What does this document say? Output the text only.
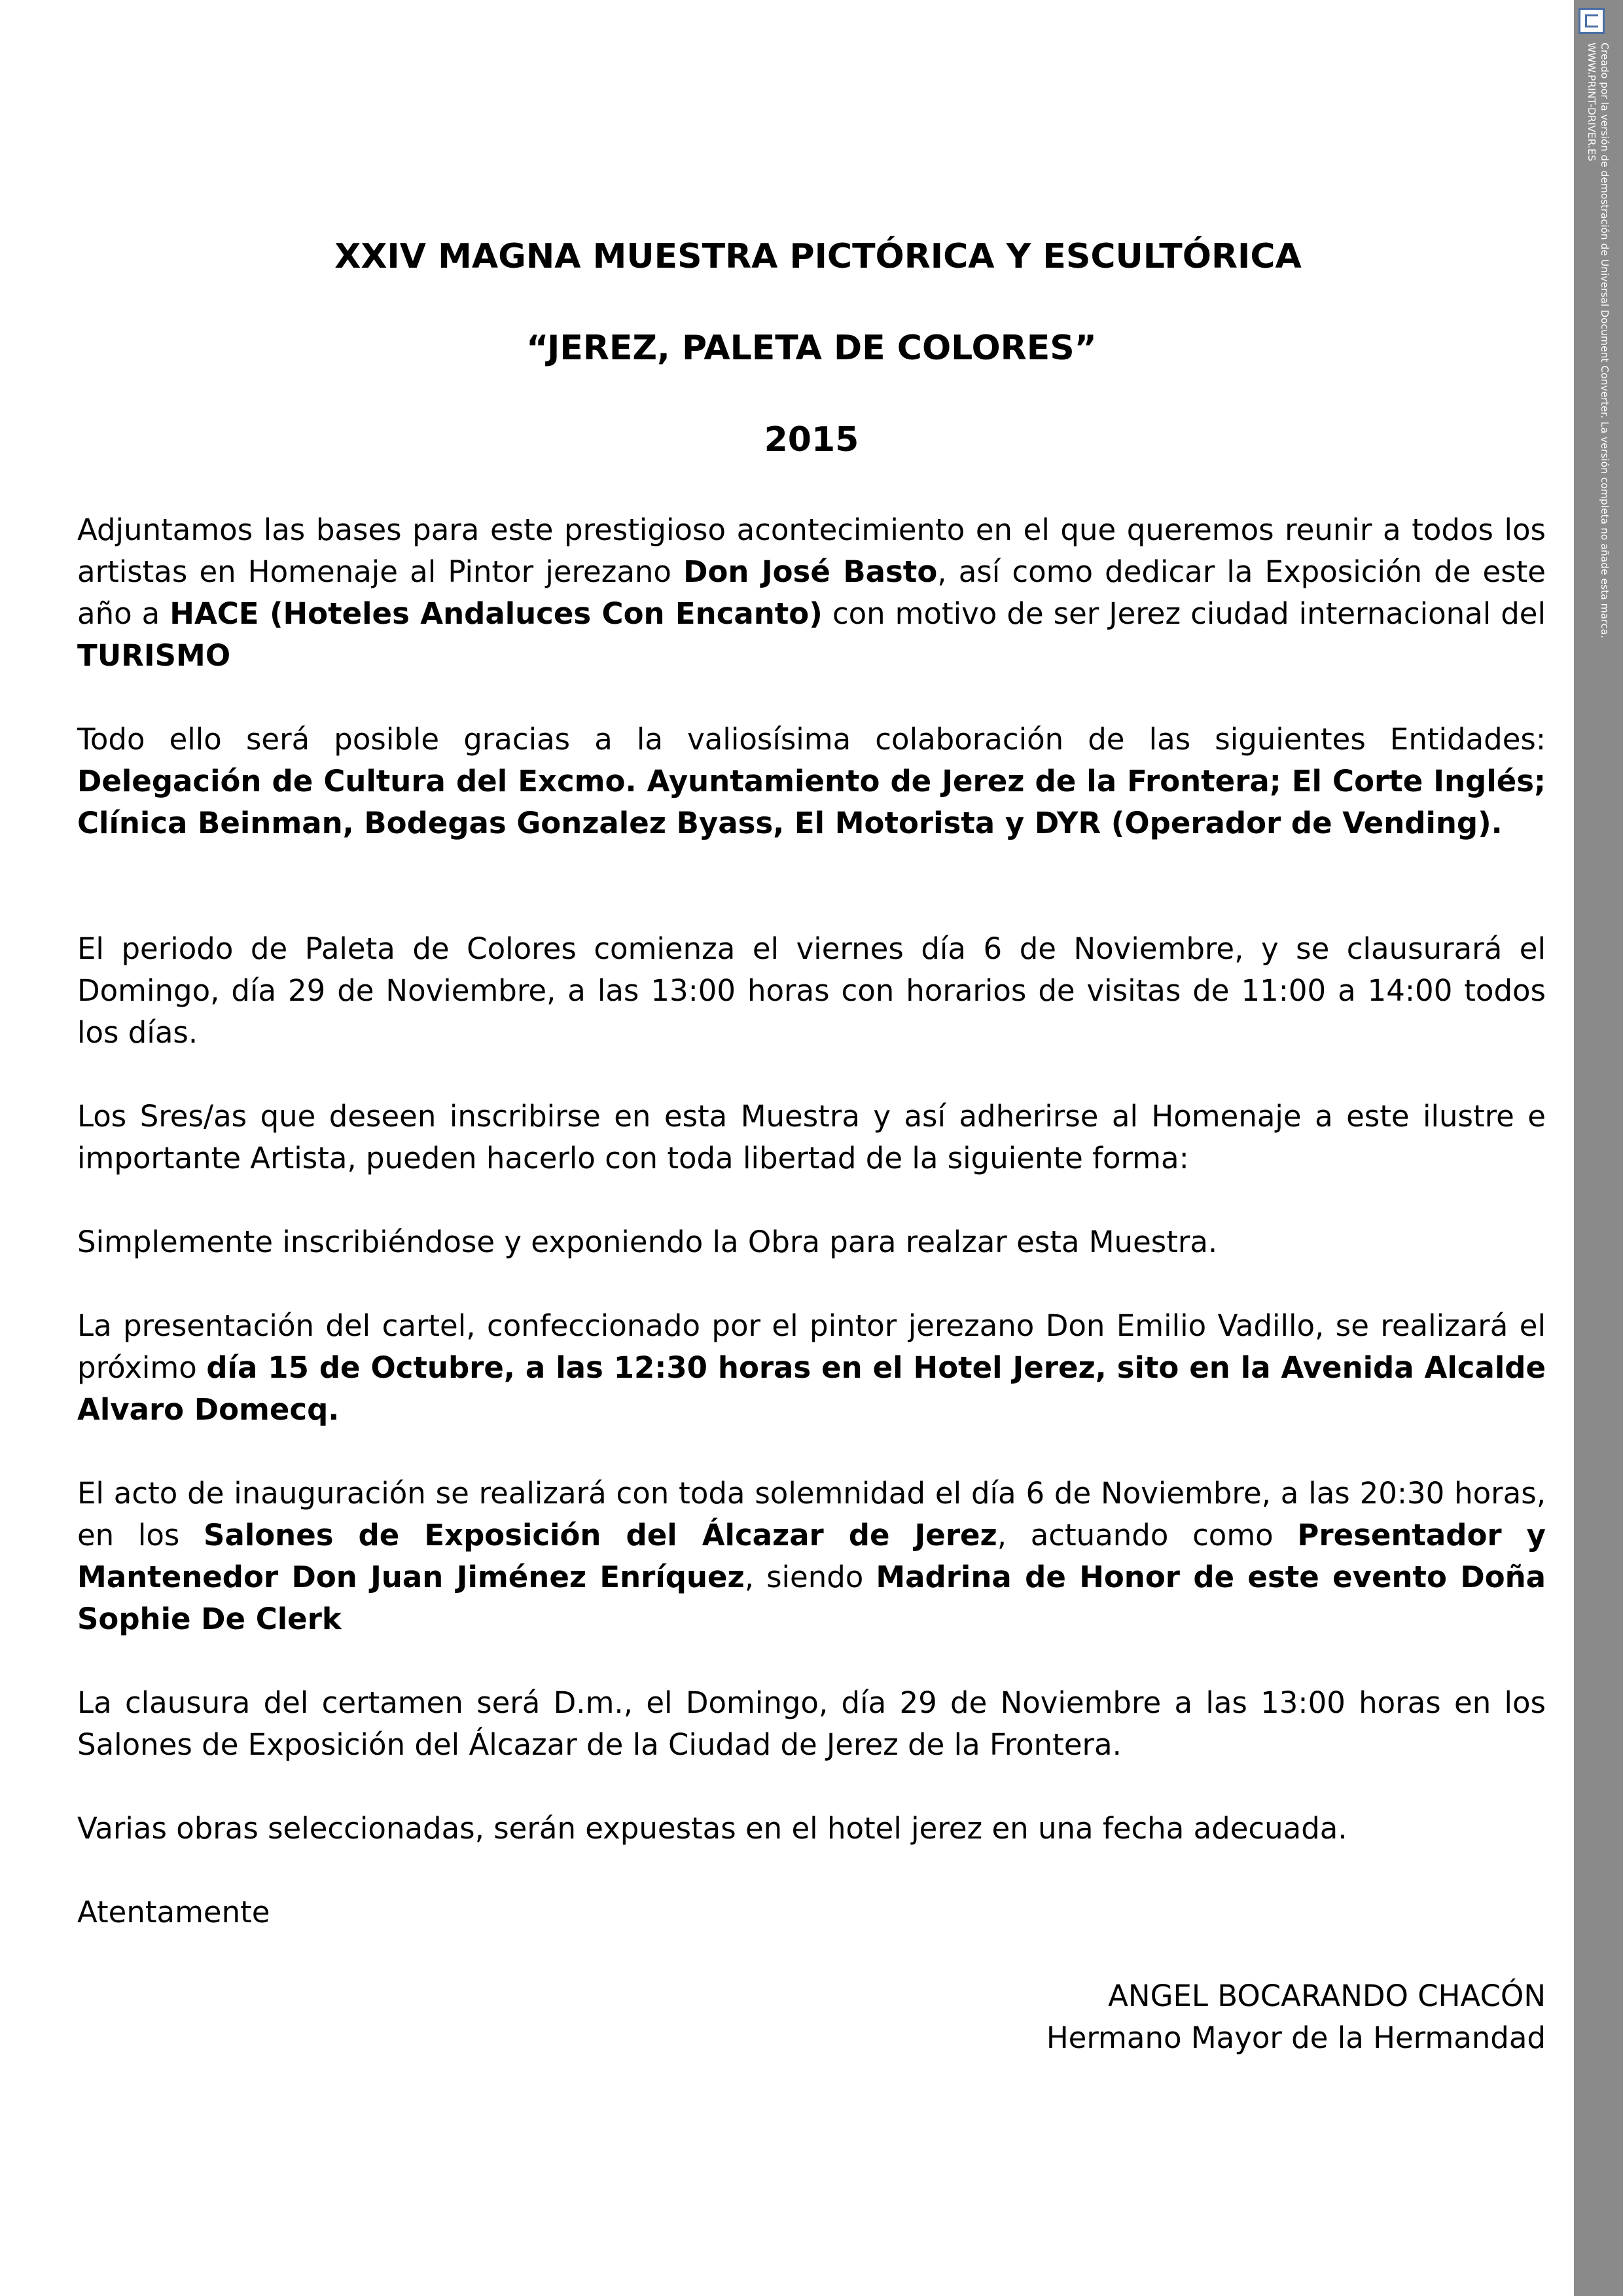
Creado por la versión de demostración de Universal Document Converter. La versión completa no añade esta marca.
WWW.PRINT-DRIVER.ES
XXIV MAGNA MUESTRA PICTÓRICA Y ESCULTÓRICA
“JEREZ, PALETA DE COLORES”
2015

Adjuntamos las bases para este prestigioso acontecimiento en el que queremos reunir a todos los artistas en Homenaje al Pintor jerezano Don José Basto, así como dedicar la Exposición de este año a HACE (Hoteles Andaluces Con Encanto) con motivo de ser Jerez ciudad internacional del TURISMO

Todo ello será posible gracias a la valiosísima colaboración de las siguientes Entidades: Delegación de Cultura del Excmo. Ayuntamiento de Jerez de la Frontera; El Corte Inglés; Clínica Beinman, Bodegas Gonzalez Byass, El Motorista y DYR (Operador de Vending).

El periodo de Paleta de Colores comienza el viernes día 6 de Noviembre, y se clausurará el Domingo, día 29 de Noviembre, a las 13:00 horas con horarios de visitas de 11:00 a 14:00 todos los días.

Los Sres/as que deseen inscribirse en esta Muestra y así adherirse al Homenaje a este ilustre e importante Artista, pueden hacerlo con toda libertad de la siguiente forma:

Simplemente inscribiéndose y exponiendo la Obra para realzar esta Muestra.

La presentación del cartel, confeccionado por el pintor jerezano Don Emilio Vadillo, se realizará el próximo día 15 de Octubre, a las 12:30 horas en el Hotel Jerez, sito en la Avenida Alcalde Alvaro Domecq.

El acto de inauguración se realizará con toda solemnidad el día 6 de Noviembre, a las 20:30 horas, en los Salones de Exposición del Álcazar de Jerez, actuando como Presentador y Mantenedor Don Juan Jiménez Enríquez, siendo Madrina de Honor de este evento Doña Sophie De Clerk

La clausura del certamen será D.m., el Domingo, día 29 de Noviembre a las 13:00 horas en los Salones de Exposición del Álcazar de la Ciudad de Jerez de la Frontera.

Varias obras seleccionadas, serán expuestas en el hotel jerez en una fecha adecuada.

Atentamente

ANGEL BOCARANDO CHACÓN
Hermano Mayor de la Hermandad
